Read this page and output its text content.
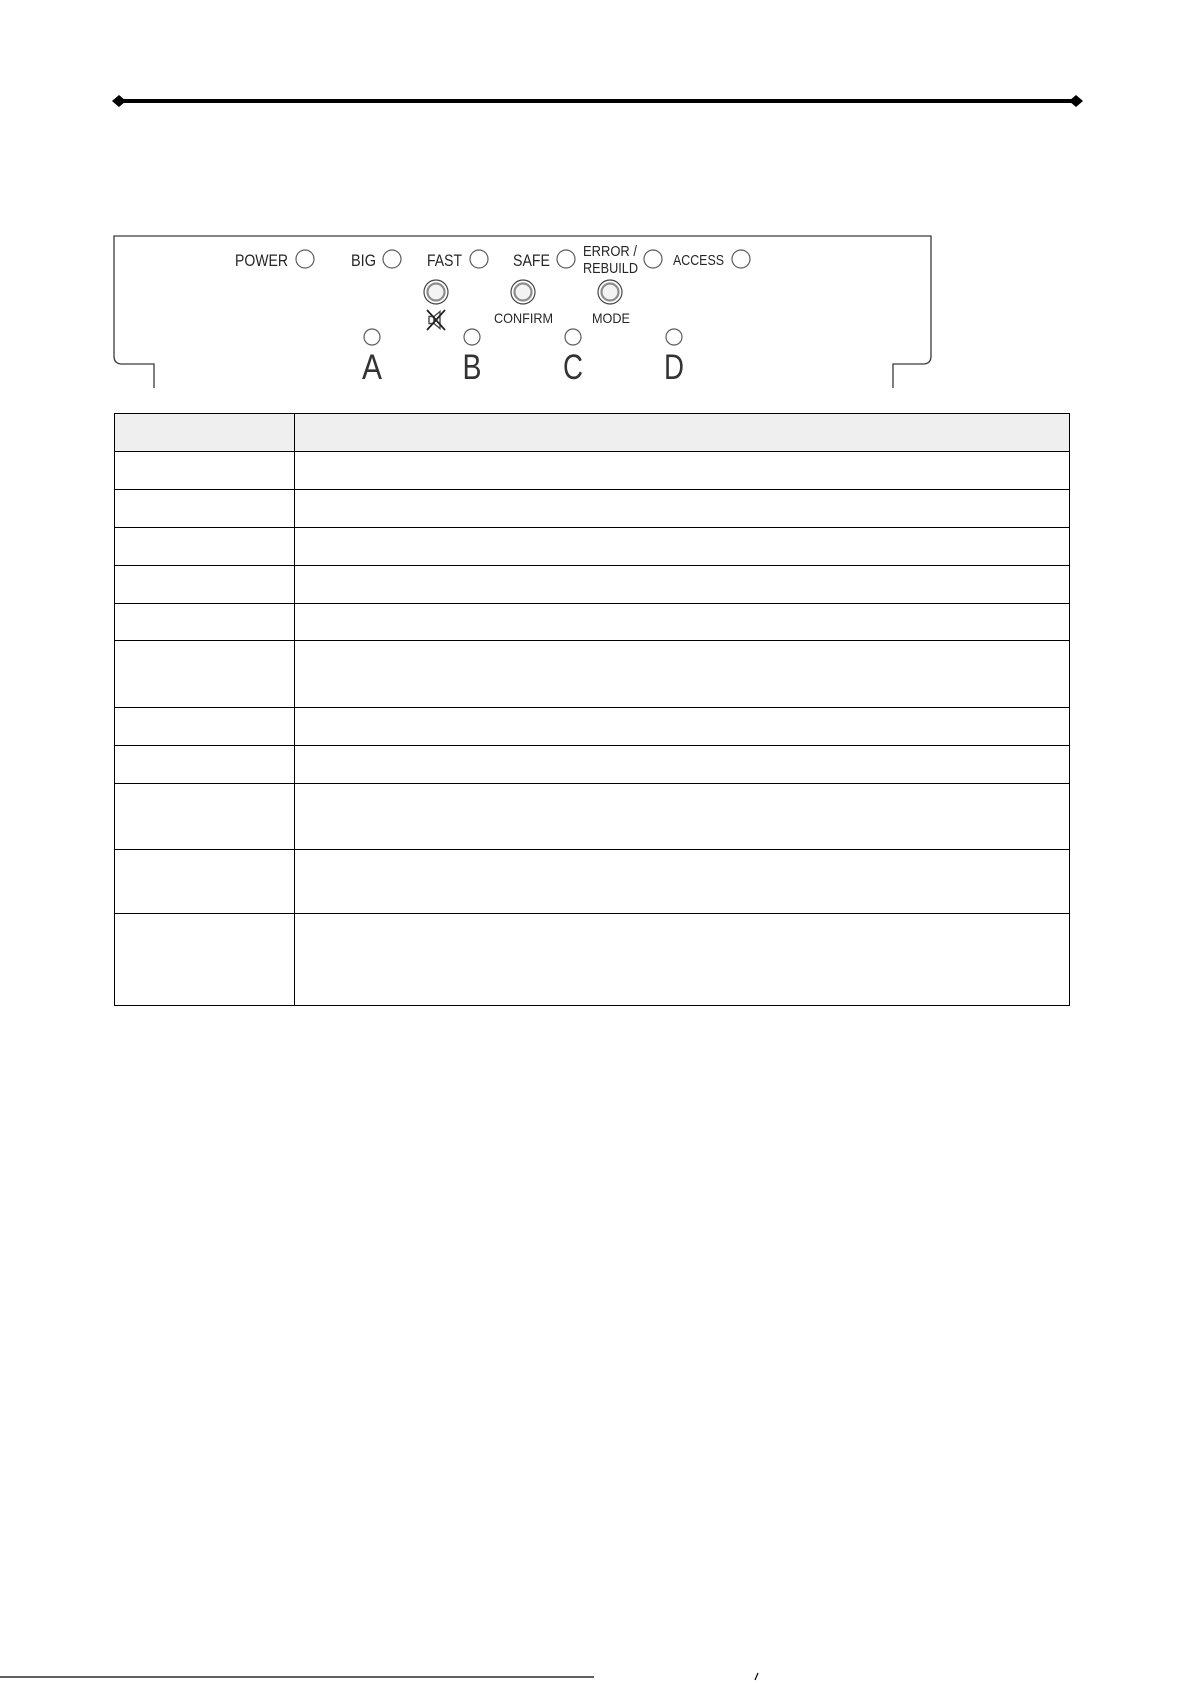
POWER	BIG	FAST	SAFE ERROR /
REBUILD ACCESS
CONFIRM	MODE
A B C D
